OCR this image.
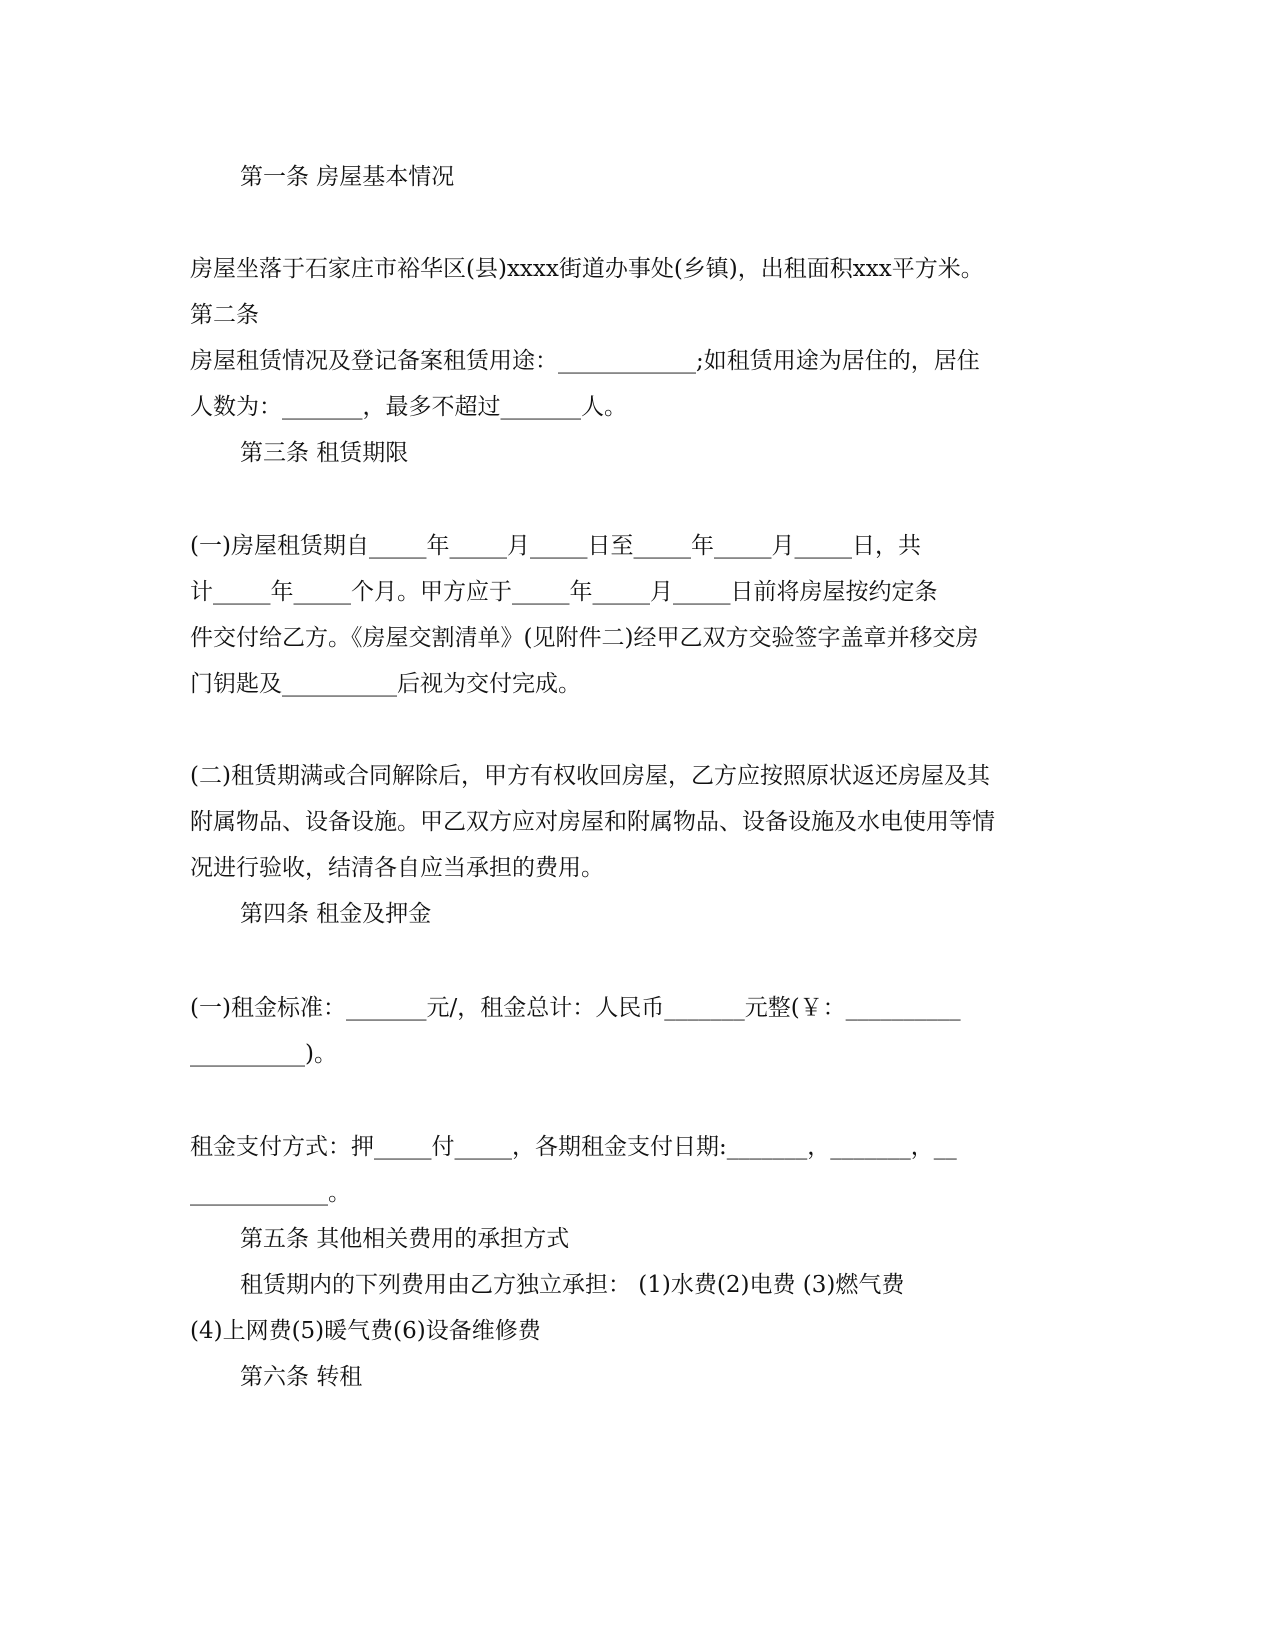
第一条 房屋基本情况
房屋坐落于石家庄市裕华区(县)xxxx街道办事处(乡镇)，出租面积xxx平方米。
第二条
房屋租赁情况及登记备案租赁用途：____________;如租赁用途为居住的，居住
人数为：_______，最多不超过_______人。
第三条 租赁期限
(一)房屋租赁期自_____年_____月_____日至_____年_____月_____日，共
计_____年_____个月。甲方应于_____年_____月_____日前将房屋按约定条
件交付给乙方。《房屋交割清单》(见附件二)经甲乙双方交验签字盖章并移交房
门钥匙及__________后视为交付完成。
(二)租赁期满或合同解除后，甲方有权收回房屋，乙方应按照原状返还房屋及其
附属物品、设备设施。甲乙双方应对房屋和附属物品、设备设施及水电使用等情
况进行验收，结清各自应当承担的费用。
第四条 租金及押金
(一)租金标准：_______元/，租金总计：人民币_______元整(￥：__________
__________)。
租金支付方式：押_____付_____，各期租金支付日期:_______，_______，__
____________。
第五条 其他相关费用的承担方式
租赁期内的下列费用由乙方独立承担： (1)水费(2)电费 (3)燃气费
(4)上网费(5)暖气费(6)设备维修费
第六条 转租
